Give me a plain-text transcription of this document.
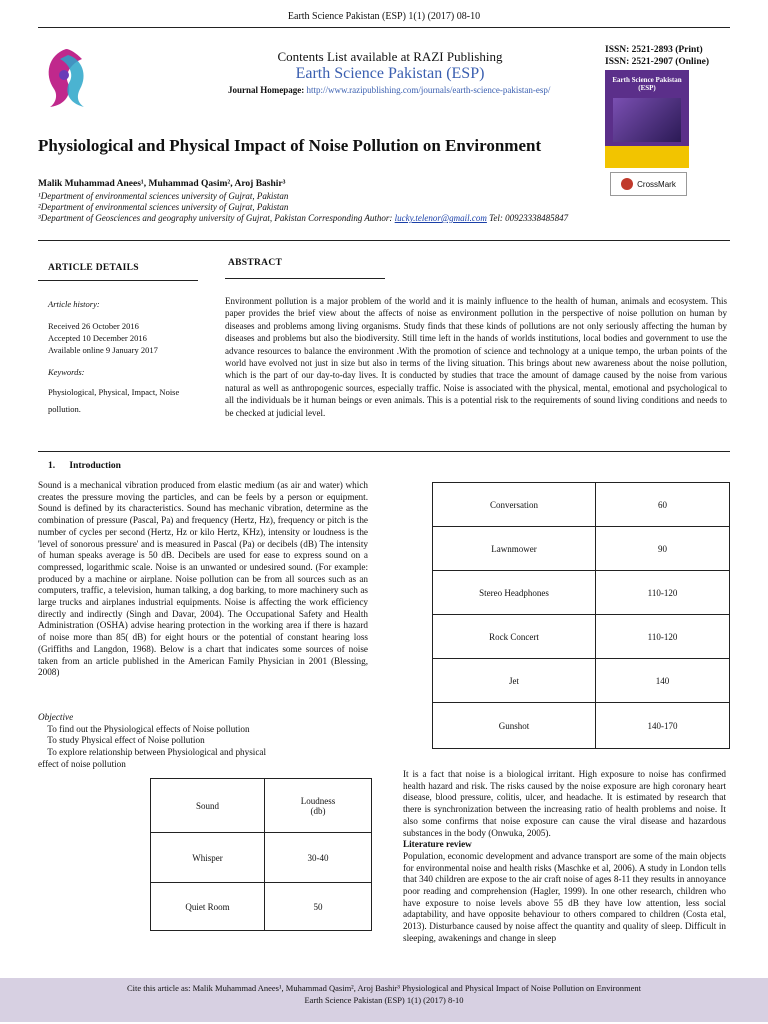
Earth Science Pakistan (ESP) 1(1) (2017) 08-10
Contents List available at RAZI Publishing
Earth Science Pakistan (ESP)
Journal Homepage: http://www.razipublishing.com/journals/earth-science-pakistan-esp/
ISSN: 2521-2893 (Print)
ISSN: 2521-2907 (Online)
Earth Science Pakistan (ESP)
CrossMark
Physiological and Physical Impact of Noise Pollution on Environment
Malik Muhammad Anees¹, Muhammad Qasim², Aroj Bashir³
¹Department of environmental sciences university of Gujrat, Pakistan
²Department of environmental sciences university of Gujrat, Pakistan
³Department of Geosciences and geography university of Gujrat, Pakistan Corresponding Author: lucky.telenor@gmail.com Tel: 00923338485847
ARTICLE DETAILS
Article history:
Received 26 October 2016
Accepted 10 December 2016
Available online 9 January 2017
Keywords:
Physiological, Physical, Impact, Noise
pollution.
ABSTRACT
Environment pollution is a major problem of the world and it is mainly influence to the health of human, animals and ecosystem. This paper provides the brief view about the affects of noise as environment pollution in the perspective of noise pollution on human by diseases and problems among living organisms. Study finds that these kinds of pollutions are not only seriously affecting the human by diseases and problems but also the biodiversity. Still time left in the hands of worlds institutions, local bodies and government to use the advance resources to balance the environment .With the promotion of science and technology at a unique tempo, the urban points of the world have evolved not just in size but also in terms of the living situation. This brings about new awareness about the noise pollution, which is the part of our day-to-day lives. It is conducted by studies that trace the amount of damage caused by the noise from various natural as well as anthropogenic sources, especially traffic. Noise is associated with the physical, mental, emotional and psychological to all the individuals be it human beings or even animals. This is a potential risk to the requirements of sound living conditions and needs to be checked at judicial level.
1. Introduction
Sound is a mechanical vibration produced from elastic medium (as air and water) which creates the pressure moving the particles, and can be feels by a person or equipment. Sound is defined by its characteristics. Sound has mechanic vibration, determine as the combination of pressure (Pascal, Pa) and frequency (Hertz, Hz), frequency or pitch is the number of cycles per second (Hertz, Hz or kilo Hertz, KHz), intensity or loudness is the 'level of sonorous pressure' and is measured in Pascal (Pa) or decibels (dB) The intensity of human speaks average is 50 dB. Decibels are used for ease to express sound on a compressed, logarithmic scale. Noise is an unwanted or undesired sound. (For example: produced by a machine or airplane. Noise pollution can be from all sources such as an computers, traffic, a television, human talking, a dog barking, to more machinery such as large trucks and airplanes industrial equipments. Noise is affecting the work efficiency directly and indirectly (Singh and Davar, 2004). The Occupational Safety and Health Administration (OSHA) advise hearing protection in the working area if there is hazard of noise more than 85( dB) for eight hours or the potential of constant hearing loss (Griffiths and Langdon, 1968). Below is a chart that indicates some sources of noise taken from an article published in the American Family Physician in 2001 (Blessing, 2008)
Objective
  To find out the Physiological effects of Noise pollution
  To study Physical effect of Noise pollution
  To explore relationship between Physiological and physical effect of noise pollution
Sound	Loudness
(db)
Whisper	30-40
Quiet Room	50
Conversation	60
Lawnmower	90
Stereo Headphones	110-120
Rock Concert	110-120
Jet	140
Gunshot	140-170
It is a fact that noise is a biological irritant. High exposure to noise has confirmed health hazard and risk. The risks caused by the noise exposure are high coronary heart disease, blood pressure, colitis, ulcer, and headache. It is estimated by research that there is synchronization between the increasing ratio of health problems and noise. It also some confirms that noise exposure can cause the viral disease and hazardous substances in the body (Onwuka, 2005).
Literature review
Population, economic development and advance transport are some of the main objects for environmental noise and health risks (Maschke et al, 2006). A study in London tells that 340 children are expose to the air craft noise of ages 8-11 they results in annoyance poor reading and comprehension (Hagler, 1999). In one other research, children who have exposure to noise levels above 55 dB they have low attention, less social adaptability, and have opposite behaviour to others compared to children (Costa etal, 2013). Disturbance caused by noise affect the quantity and quality of sleep. Difficult in sleeping, awakenings and change in sleep
Cite this article as: Malik Muhammad Anees¹, Muhammad Qasim², Aroj Bashir³ Physiological and Physical Impact of Noise Pollution on Environment
Earth Science Pakistan (ESP) 1(1) (2017) 8-10
